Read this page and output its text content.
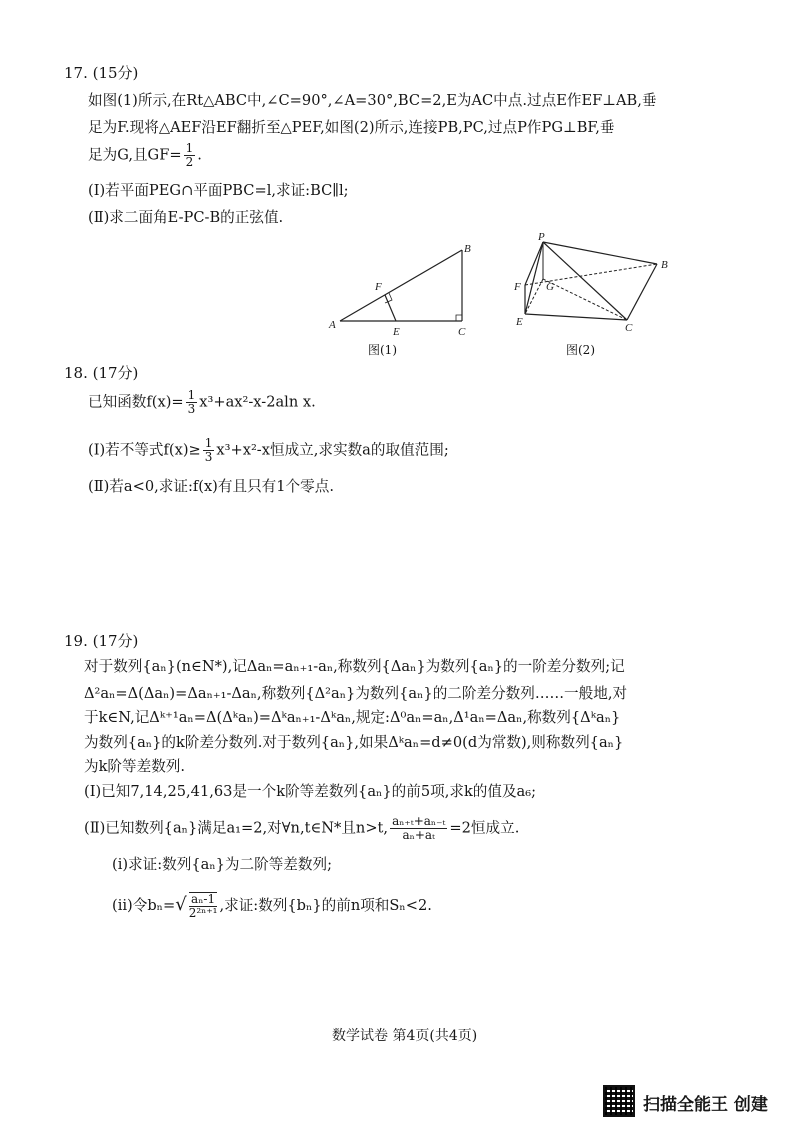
17. (15分)
如图(1)所示,在Rt△ABC中,∠C=90°,∠A=30°,BC=2,E为AC中点.过点E作EF⊥AB,垂
足为F.现将△AEF沿EF翻折至△PEF,如图(2)所示,连接PB,PC,过点P作PG⊥BF,垂
足为G,且$GF= \frac{1}{2}$ .
(Ⅰ)若平面PEG∩平面PBC=l,求证:BC∥l;
(Ⅱ)求二面角E-PC-B的正弦值.
A
B
C
E
F
图(1)
P
B
C
E
F G
图(2)
18. (17分)
已知函数$f(x)= \frac{1}{3} x^3+ax^2-x-2aln$ x.
(Ⅰ)若不等式$f(x)\ge \frac{1}{3} x^3+x^2-x$恒成立,求实数a的取值范围;
(Ⅱ)若a<0,求证:f(x)有且只有1个零点.
19. (17分)
对于数列{aₙ}(n∈N*),记Δaₙ=aₙ₊₁-aₙ,称数列{Δaₙ}为数列{aₙ}的一阶差分数列;记
Δ²aₙ=Δ(Δaₙ)=Δaₙ₊₁-Δaₙ,称数列{Δ²aₙ}为数列{aₙ}的二阶差分数列……一般地,对
于k∈N,记Δᵏ⁺¹aₙ=Δ(Δᵏaₙ)=Δᵏaₙ₊₁-Δᵏaₙ,规定:Δ⁰aₙ=aₙ,Δ¹aₙ=Δaₙ,称数列{Δᵏaₙ}
为数列{aₙ}的k阶差分数列.对于数列{aₙ},如果Δᵏaₙ=d≠0(d为常数),则称数列{aₙ}
为k阶等差数列.
(Ⅰ)已知7,14,25,41,63是一个k阶等差数列{aₙ}的前5项,求k的值及a₆;
(Ⅱ)已知数列{aₙ}满足a₁=2,对∀n,t∈N*且n>t, $\frac{\text{aₙ₊ₜ+aₙ₋ₜ}}{\text{aₙ+aₜ}} =2$恒成立.
(ⅰ)求证:数列{aₙ}为二阶等差数列;
(ⅱ)令$b_n=√ \frac{\text{aₙ-1}}{\text{2²ⁿ⁺¹}}$ ,求证:数列{bₙ}的前n项和Sₙ<2.
数学试卷 第4页(共4页)
扫描全能王 创建
